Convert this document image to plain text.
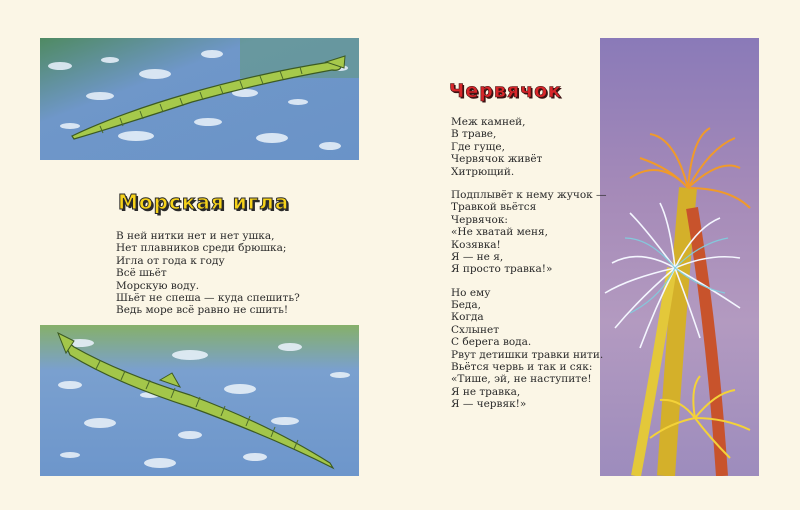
Морская игла
В ней нитки нет и нет ушка,
Нет плавников среди брюшка;
Игла от года к году
Всё шьёт
Морскую воду.
Шьёт не спеша — куда спешить?
Ведь море всё равно не сшить!
Червячок
Меж камней,
В траве,
Где гуще,
Червячок живёт
Хитрющий.
Подплывёт к нему жучок —
Травкой вьётся
Червячок:
«Не хватай меня,
Козявка!
Я — не я,
Я просто травка!»
Но ему
Беда,
Когда
Схлынет
С берега вода.
Рвут детишки травки нити.
Вьётся червь и так и сяк:
«Тише, эй, не наступите!
Я не травка,
Я — червяк!»
